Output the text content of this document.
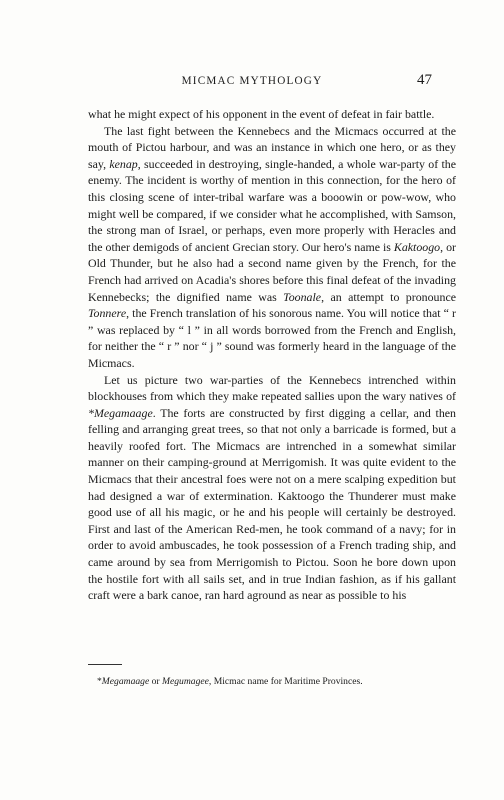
MICMAC MYTHOLOGY	47

what he might expect of his opponent in the event of defeat in fair battle.

The last fight between the Kennebecs and the Micmacs occurred at the mouth of Pictou harbour, and was an instance in which one hero, or as they say, kenap, succeeded in destroying, single-handed, a whole war-party of the enemy. The incident is worthy of mention in this connection, for the hero of this closing scene of inter-tribal warfare was a booowin or pow-wow, who might well be compared, if we consider what he accomplished, with Samson, the strong man of Israel, or perhaps, even more properly with Heracles and the other demigods of ancient Grecian story. Our hero's name is Kaktoogo, or Old Thunder, but he also had a second name given by the French, for the French had arrived on Acadia's shores before this final defeat of the invading Kennebecks; the dignified name was Toonale, an attempt to pronounce Tonnere, the French translation of his sonorous name. You will notice that “ r ” was replaced by “ l ” in all words borrowed from the French and English, for neither the “ r ” nor “ j ” sound was formerly heard in the language of the Micmacs.

Let us picture two war-parties of the Kennebecs intrenched within blockhouses from which they make repeated sallies upon the wary natives of *Megamaage. The forts are constructed by first digging a cellar, and then felling and arranging great trees, so that not only a barricade is formed, but a heavily roofed fort. The Micmacs are intrenched in a somewhat similar manner on their camping-ground at Merrigomish. It was quite evident to the Micmacs that their ancestral foes were not on a mere scalping expedition but had designed a war of extermination. Kaktoogo the Thunderer must make good use of all his magic, or he and his people will certainly be destroyed. First and last of the American Red-men, he took command of a navy; for in order to avoid ambuscades, he took possession of a French trading ship, and came around by sea from Merrigomish to Pictou. Soon he bore down upon the hostile fort with all sails set, and in true Indian fashion, as if his gallant craft were a bark canoe, ran hard aground as near as possible to his

*Megamaage or Megumagee, Micmac name for Maritime Provinces.
